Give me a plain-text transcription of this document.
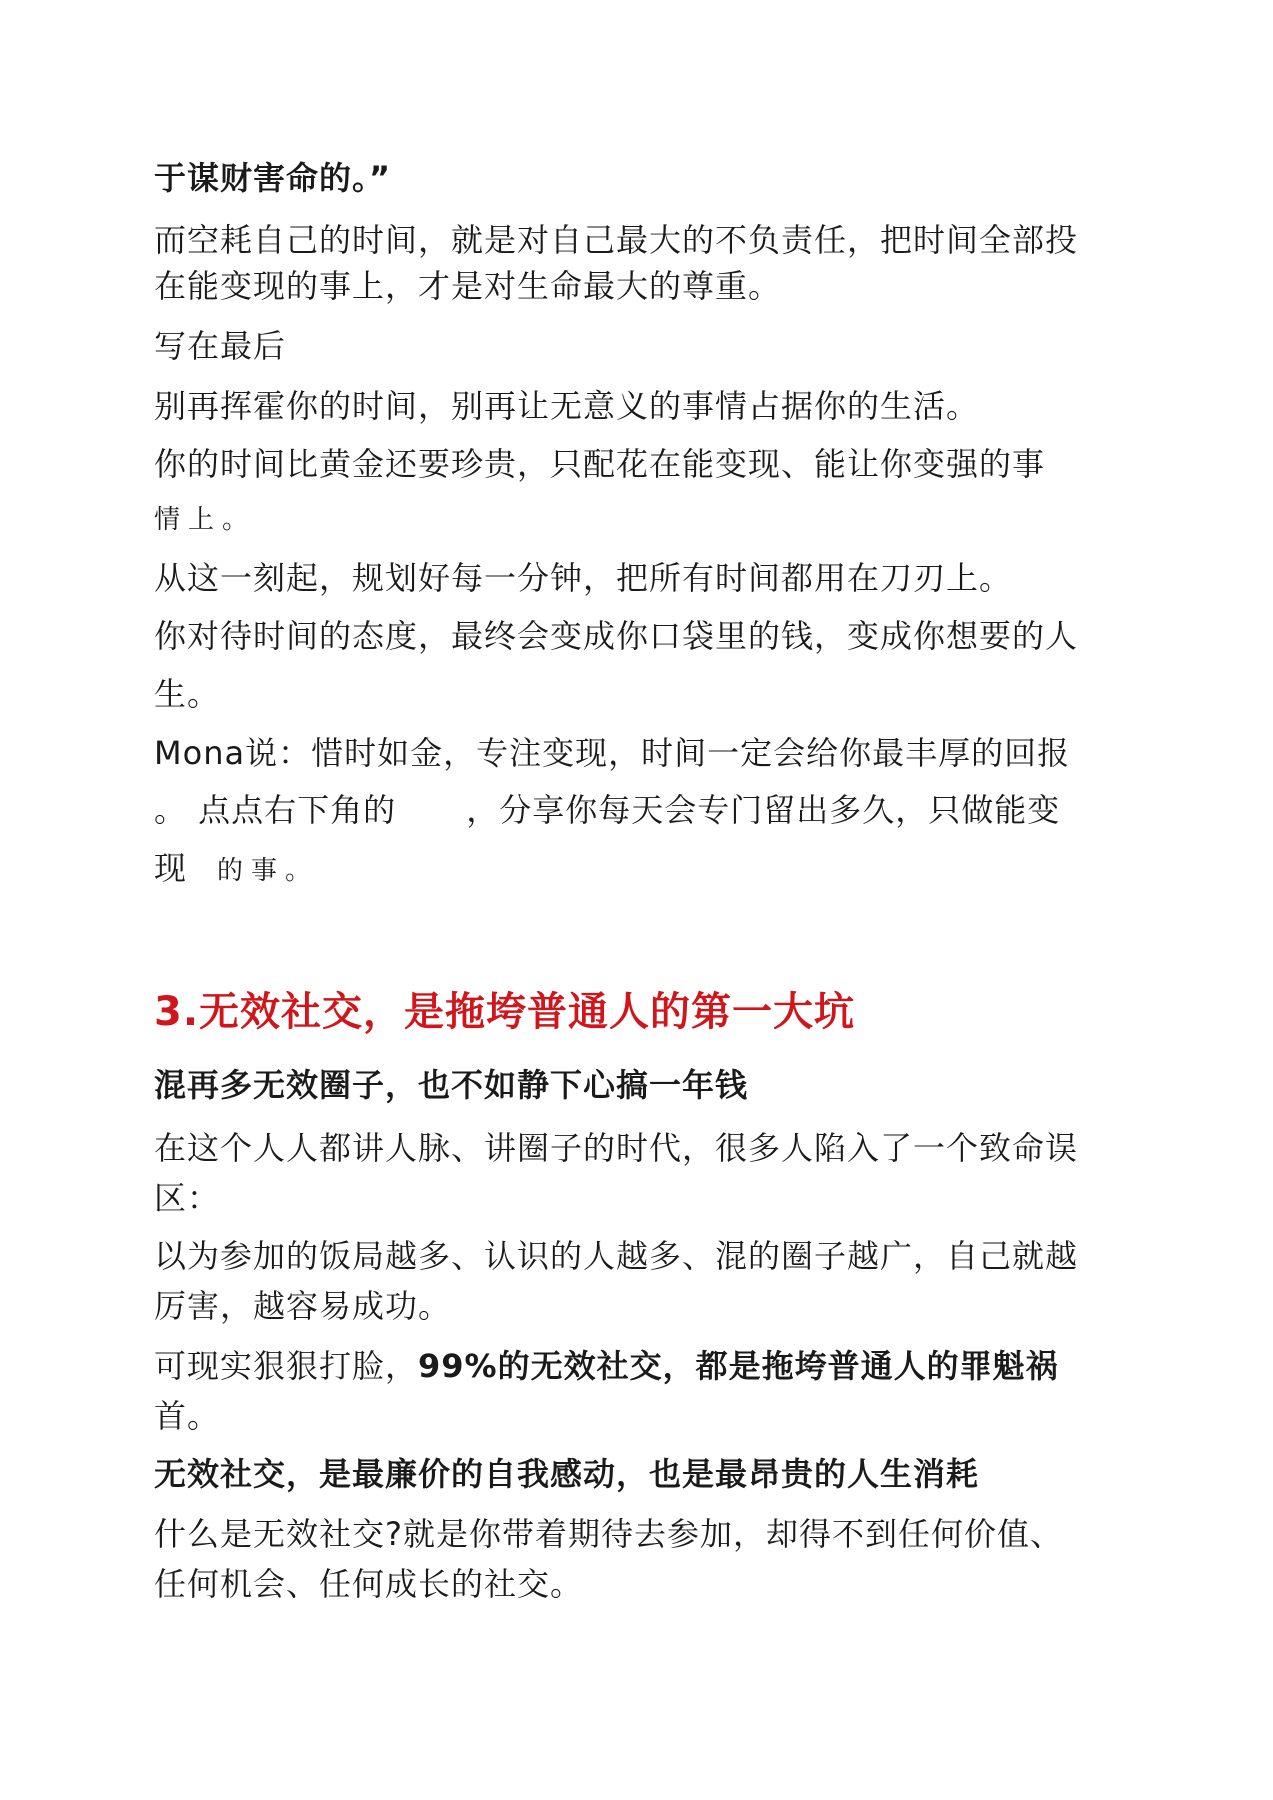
于谋财害命的。”
而空耗自己的时间，就是对自己最大的不负责任，把时间全部投
在能变现的事上，才是对生命最大的尊重。
写在最后
别再挥霍你的时间，别再让无意义的事情占据你的生活。
你的时间比黄金还要珍贵，只配花在能变现、能让你变强的事
情上。
从这一刻起，规划好每一分钟，把所有时间都用在刀刃上。
你对待时间的态度，最终会变成你口袋里的钱，变成你想要的人
生。
Mona说：惜时如金，专注变现，时间一定会给你最丰厚的回报
。 点点右下角的 ，分享你每天会专门留出多久，只做能变
现 的事。
3.无效社交，是拖垮普通人的第一大坑
混再多无效圈子，也不如静下心搞一年钱
在这个人人都讲人脉、讲圈子的时代，很多人陷入了一个致命误
区：
以为参加的饭局越多、认识的人越多、混的圈子越广，自己就越
厉害，越容易成功。
可现实狠狠打脸，99%的无效社交，都是拖垮普通人的罪魁祸
首。
无效社交，是最廉价的自我感动，也是最昂贵的人生消耗
什么是无效社交?就是你带着期待去参加，却得不到任何价值、
任何机会、任何成长的社交。
